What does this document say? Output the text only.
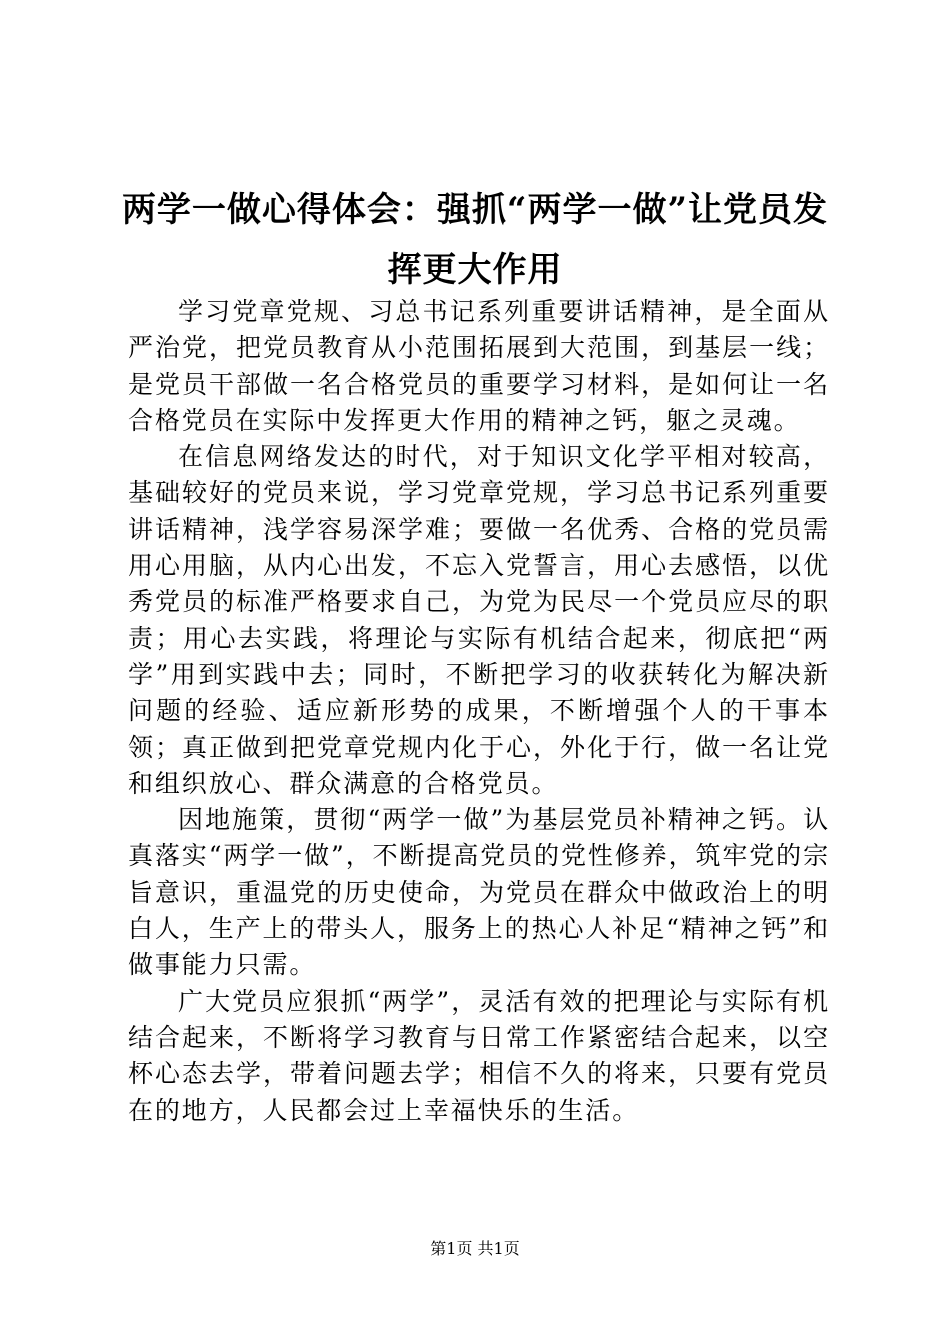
两学一做心得体会：强抓“两学一做”让党员发挥更大作用

学习党章党规、习总书记系列重要讲话精神，是全面从严治党，把党员教育从小范围拓展到大范围，到基层一线；是党员干部做一名合格党员的重要学习材料，是如何让一名合格党员在实际中发挥更大作用的精神之钙，躯之灵魂。

在信息网络发达的时代，对于知识文化学平相对较高，基础较好的党员来说，学习党章党规，学习总书记系列重要讲话精神，浅学容易深学难；要做一名优秀、合格的党员需用心用脑，从内心出发，不忘入党誓言，用心去感悟，以优秀党员的标准严格要求自己，为党为民尽一个党员应尽的职责；用心去实践，将理论与实际有机结合起来，彻底把“两学”用到实践中去；同时，不断把学习的收获转化为解决新问题的经验、适应新形势的成果，不断增强个人的干事本领；真正做到把党章党规内化于心，外化于行，做一名让党和组织放心、群众满意的合格党员。

因地施策，贯彻“两学一做”为基层党员补精神之钙。认真落实“两学一做”，不断提高党员的党性修养，筑牢党的宗旨意识，重温党的历史使命，为党员在群众中做政治上的明白人，生产上的带头人，服务上的热心人补足“精神之钙”和做事能力只需。

广大党员应狠抓“两学”，灵活有效的把理论与实际有机结合起来，不断将学习教育与日常工作紧密结合起来，以空杯心态去学，带着问题去学；相信不久的将来，只要有党员在的地方，人民都会过上幸福快乐的生活。

第1页 共1页
